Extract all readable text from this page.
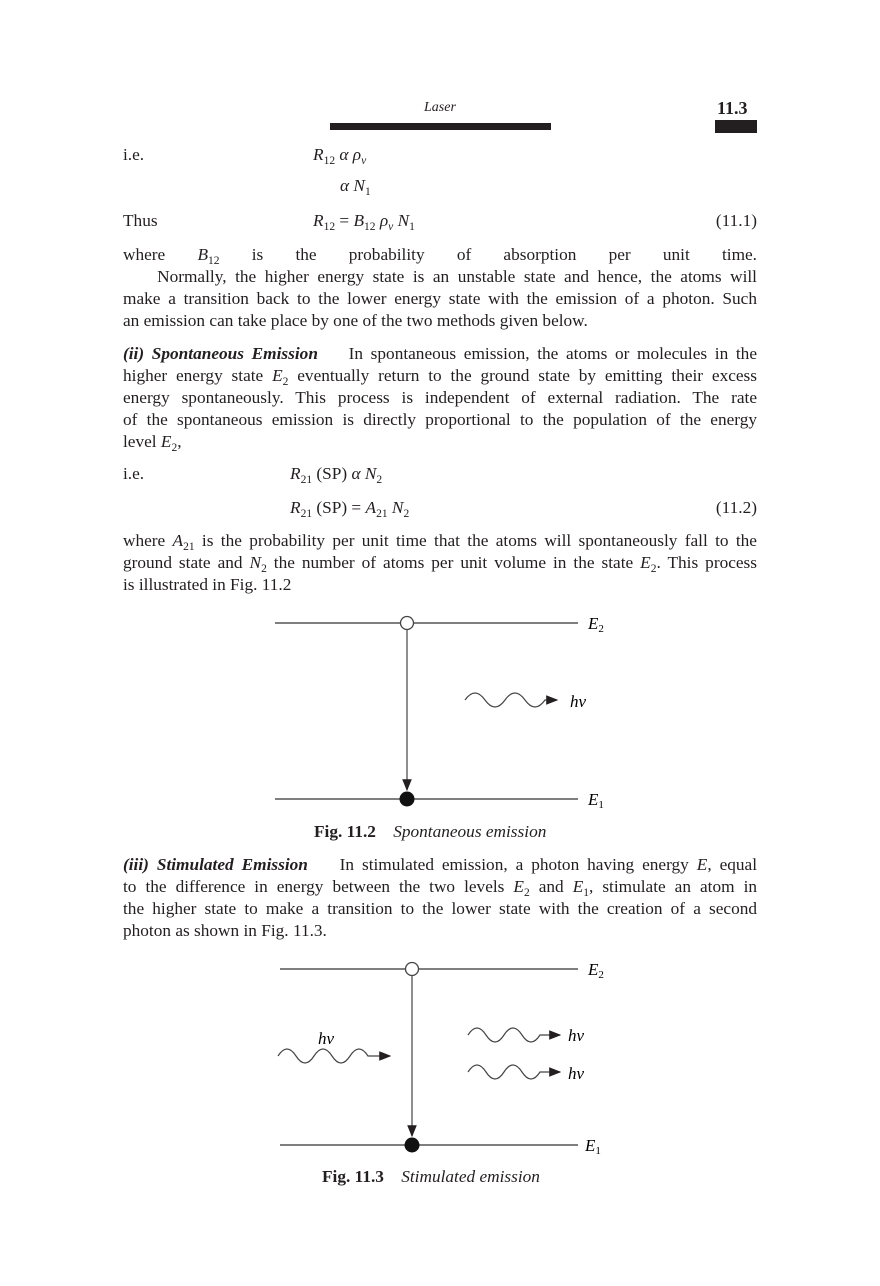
Laser	11.3
i.e.	$R_{12}$ α $\rho_v$
α $N_1$
Thus	$R_{12} = B_{12}$ $\rho_v$ $N_1$	(11.1)
where $B_{12}$ is the probability of absorption per unit time.
Normally, the higher energy state is an unstable state and hence, the atoms will
make a transition back to the lower energy state with the emission of a photon. Such
an emission can take place by one of the two methods given below.
(ii) Spontaneous Emission    In spontaneous emission, the atoms or molecules in the
higher energy state $E_2$ eventually return to the ground state by emitting their excess
energy spontaneously. This process is independent of external radiation. The rate
of the spontaneous emission is directly proportional to the population of the energy
level $E_2$,
i.e.	$R_{21}$ (SP) α $N_2$
$R_{21}$ $(SP) = A_{21}$ $N_2$	(11.2)
where $A_{21}$ is the probability per unit time that the atoms will spontaneously fall to the
ground state and $N_2$ the number of atoms per unit volume in the state $E_2$. This process
is illustrated in Fig. 11.2
E2
E1
hν
Fig. 11.2 Spontaneous emission
(iii) Stimulated Emission    In stimulated emission, a photon having energy E, equal
to the difference in energy between the two levels $E_2$ and $E_1$, stimulate an atom in
the higher state to make a transition to the lower state with the creation of a second
photon as shown in Fig. 11.3.
E2
E1
hν	hν
hν
Fig. 11.3 Stimulated emission
